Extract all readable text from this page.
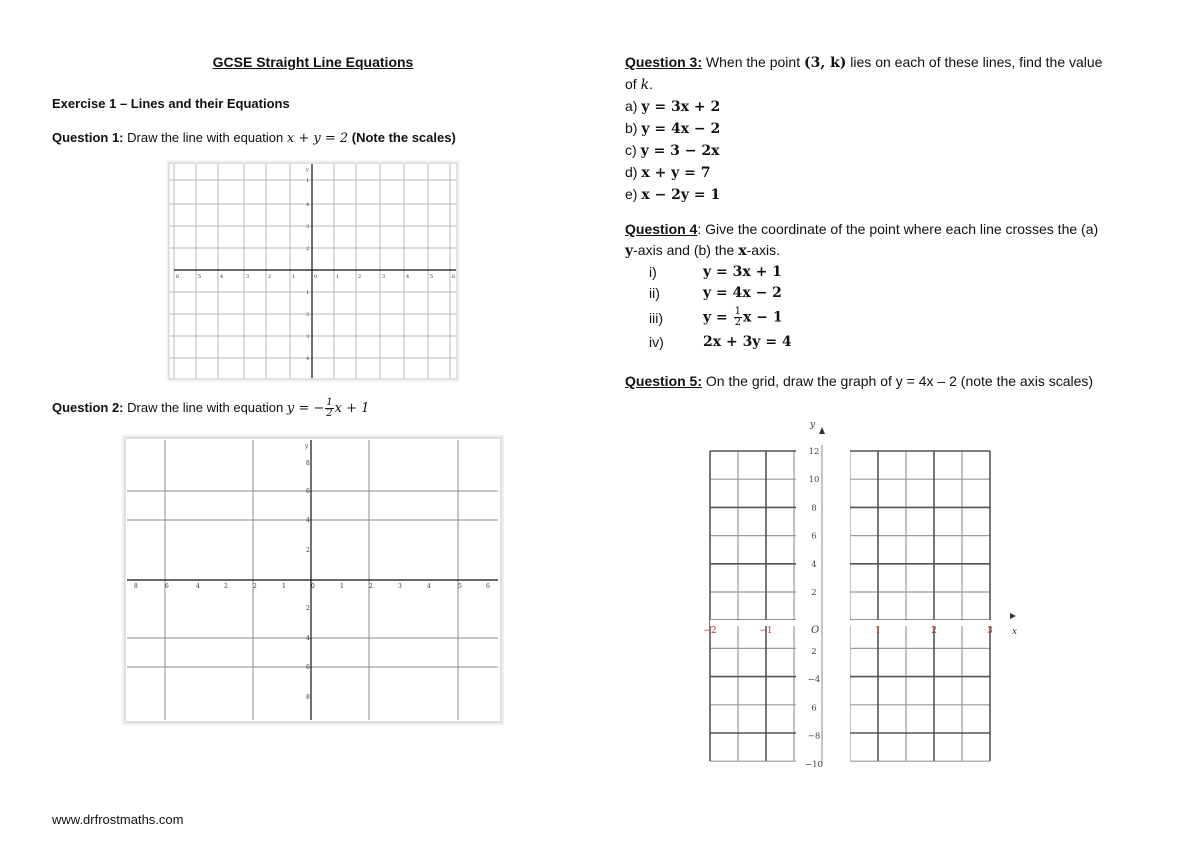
GCSE Straight Line Equations
Exercise 1 – Lines and their Equations
Question 1: Draw the line with equation x + y = 2 (Note the scales)
6	5	4	3	2	1	0	1	2	3	4	5	6
y
1
4
3
2
1
2
3
4
Question 2: Draw the line with equation y = − $\frac{1}{2}$ x + 1
8	6	4	2	2	1	0	1	2	3	4	5	6
y
8
6
4
2
2
4
6
8
Question 3: When the point (3, k) lies on each of these lines, find the value
of k.
a) y = 3x + 2
b) y = 4x − 2
c) y = 3 − 2x
d) x + y = 7
e) x − 2y = 1
Question 4: Give the coordinate of the point where each line crosses the (a)
y-axis and (b) the x-axis.
i)	y = 3x + 1
ii)	y = 4x − 2
iii)	$y = \frac{1}{2}$ x − 1
iv)	2x + 3y = 4
Question 5: On the grid, draw the graph of y = 4x – 2 (note the axis scales)
y
x
O
−2	−1	1	2	3
12
10
8
6
4
2
2
−4
6
−8
−10
www.drfrostmaths.com
